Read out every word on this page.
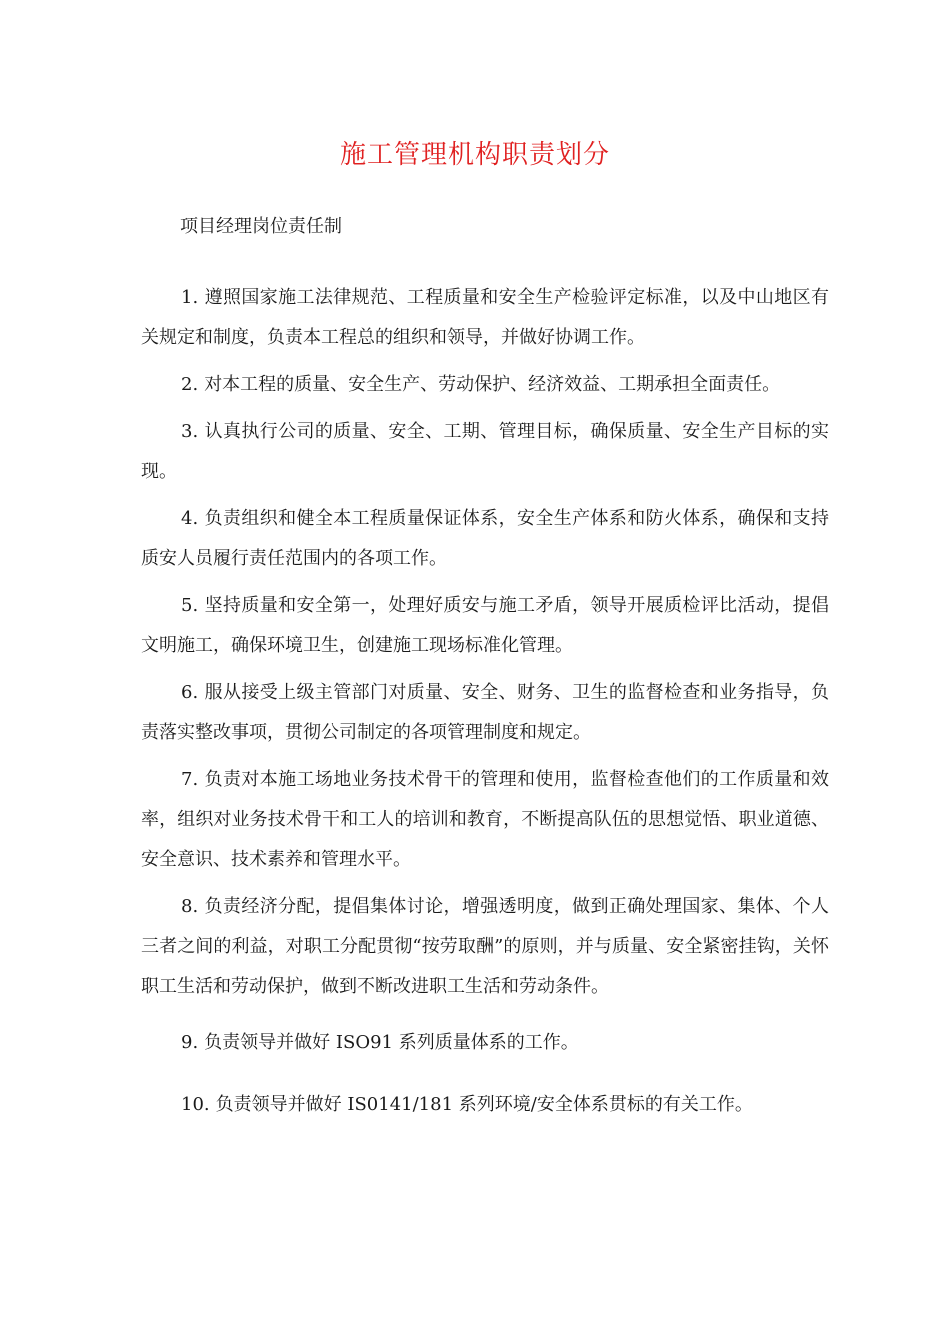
施工管理机构职责划分
项目经理岗位责任制
1. 遵照国家施工法律规范、工程质量和安全生产检验评定标准，以及中山地区有关规定和制度，负责本工程总的组织和领导，并做好协调工作。
2. 对本工程的质量、安全生产、劳动保护、经济效益、工期承担全面责任。
3. 认真执行公司的质量、安全、工期、管理目标，确保质量、安全生产目标的实现。
4. 负责组织和健全本工程质量保证体系，安全生产体系和防火体系，确保和支持质安人员履行责任范围内的各项工作。
5. 坚持质量和安全第一，处理好质安与施工矛盾，领导开展质检评比活动，提倡文明施工，确保环境卫生，创建施工现场标准化管理。
6. 服从接受上级主管部门对质量、安全、财务、卫生的监督检查和业务指导，负责落实整改事项，贯彻公司制定的各项管理制度和规定。
7. 负责对本施工场地业务技术骨干的管理和使用，监督检查他们的工作质量和效率，组织对业务技术骨干和工人的培训和教育，不断提高队伍的思想觉悟、职业道德、安全意识、技术素养和管理水平。
8. 负责经济分配，提倡集体讨论，增强透明度，做到正确处理国家、集体、个人三者之间的利益，对职工分配贯彻“按劳取酬”的原则，并与质量、安全紧密挂钩，关怀职工生活和劳动保护，做到不断改进职工生活和劳动条件。
9. 负责领导并做好 ISO91 系列质量体系的工作。
10. 负责领导并做好 IS0141/181 系列环境/安全体系贯标的有关工作。
